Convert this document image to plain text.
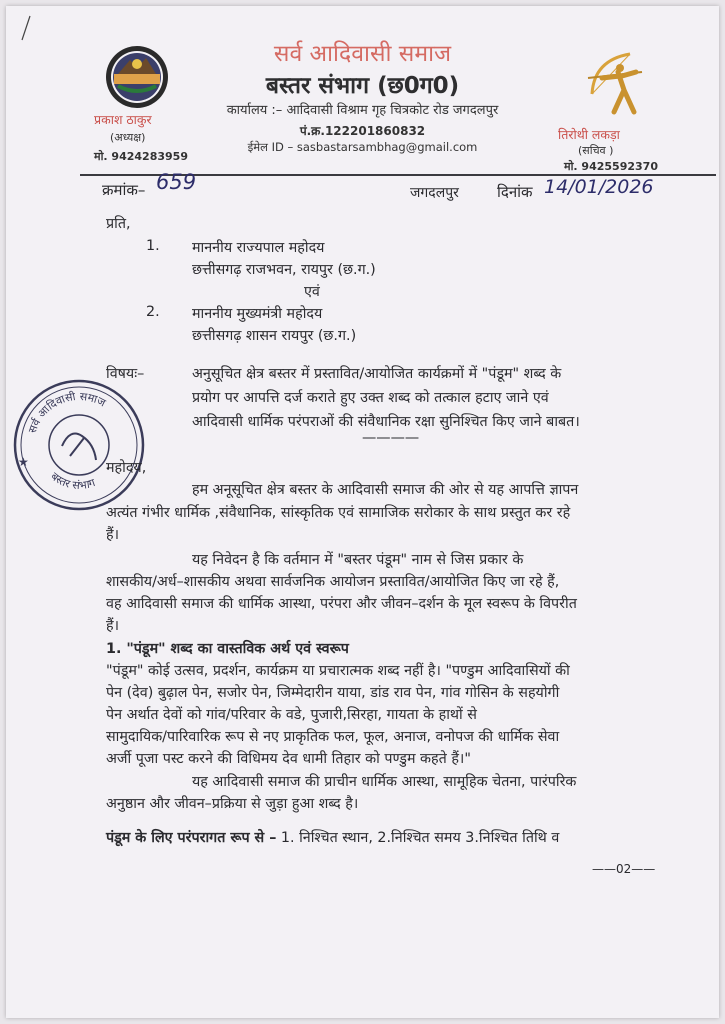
सर्व आदिवासी समाज
बस्तर संभाग (छ0ग0)
कार्यालय :– आदिवासी विश्राम गृह चित्रकोट रोड जगदलपुर
पं.क्र.122201860832
ईमेल ID – sasbastarsambhag@gmail.com
प्रकाश ठाकुर
(अध्यक्ष)
मो. 9424283959
तिरोथी लकड़ा
(सचिव )
मो. 9425592370
क्रमांक– 659	जगदलपुर	दिनांक 14/01/2026
प्रति,
1. माननीय राज्यपाल महोदय
छत्तीसगढ़ राजभवन, रायपुर (छ.ग.)
एवं
2. माननीय मुख्यमंत्री महोदय
छत्तीसगढ़ शासन रायपुर (छ.ग.)
विषयः–	अनुसूचित क्षेत्र बस्तर में प्रस्तावित/आयोजित कार्यक्रमों में "पंडूम" शब्द के
प्रयोग पर आपत्ति दर्ज कराते हुए उक्त शब्द को तत्काल हटाए जाने एवं
आदिवासी धार्मिक परंपराओं की संवैधानिक रक्षा सुनिश्चित किए जाने बाबत।
————
सर्व आदिवासी समाज
बस्तर संभाग
★	महोदय,
हम अनूसूचित क्षेत्र बस्तर के आदिवासी समाज की ओर से यह आपत्ति ज्ञापन
अत्यंत गंभीर धार्मिक ,संवैधानिक, सांस्कृतिक एवं सामाजिक सरोकार के साथ प्रस्तुत कर रहे
हैं।
यह निवेदन है कि वर्तमान में "बस्तर पंडूम" नाम से जिस प्रकार के
शासकीय/अर्ध–शासकीय अथवा सार्वजनिक आयोजन प्रस्तावित/आयोजित किए जा रहे हैं,
वह आदिवासी समाज की धार्मिक आस्था, परंपरा और जीवन–दर्शन के मूल स्वरूप के विपरीत
हैं।
1. "पंडूम" शब्द का वास्तविक अर्थ एवं स्वरूप
"पंडूम" कोई उत्सव, प्रदर्शन, कार्यक्रम या प्रचारात्मक शब्द नहीं है। "पण्डुम आदिवासियों की
पेन (देव) बुढ़ाल पेन, सजोर पेन, जिम्मेदारीन याया, डांड राव पेन, गांव गोसिन के सहयोगी
पेन अर्थात देवों को गांव/परिवार के वडे, पुजारी,सिरहा, गायता के हाथों से
सामुदायिक/पारिवारिक रूप से नए प्राकृतिक फल, फूल, अनाज, वनोपज की धार्मिक सेवा
अर्जी पूजा पस्ट करने की विधिमय देव धामी तिहार को पण्डुम कहते हैं।"
यह आदिवासी समाज की प्राचीन धार्मिक आस्था, सामूहिक चेतना, पारंपरिक
अनुष्ठान और जीवन–प्रक्रिया से जुड़ा हुआ शब्द है।
पंडूम के लिए परंपरागत रूप से – 1. निश्चित स्थान, 2.निश्चित समय 3.निश्चित तिथि व
——02——
